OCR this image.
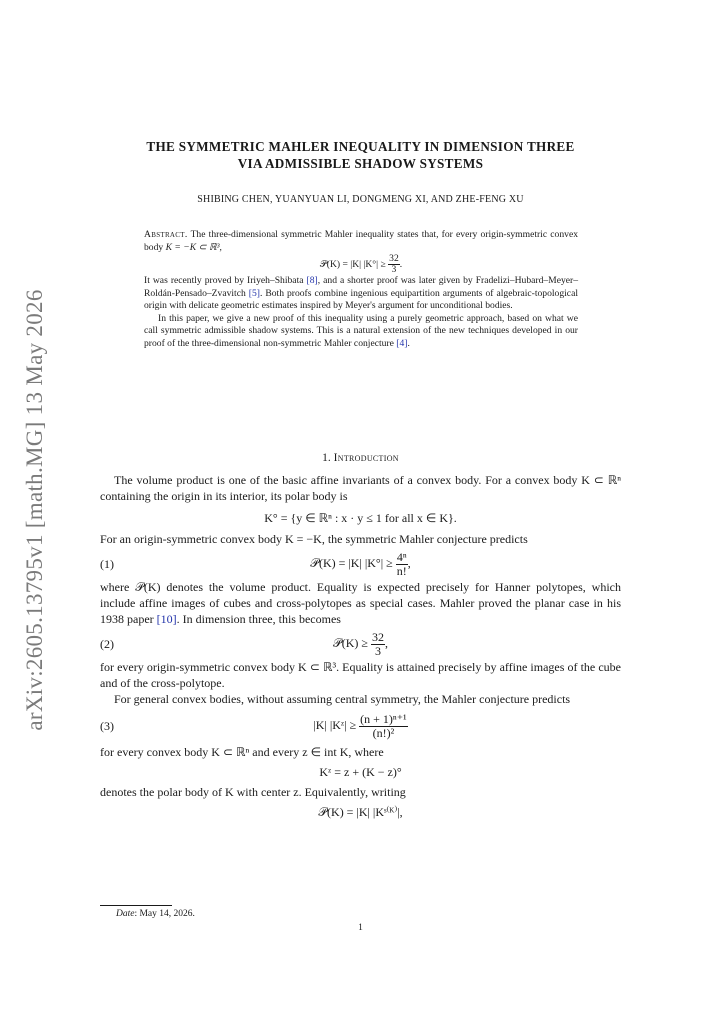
arXiv:2605.13795v1 [math.MG] 13 May 2026
THE SYMMETRIC MAHLER INEQUALITY IN DIMENSION THREE
VIA ADMISSIBLE SHADOW SYSTEMS
SHIBING CHEN, YUANYUAN LI, DONGMENG XI, AND ZHE-FENG XU

Abstract. The three-dimensional symmetric Mahler inequality states that, for every origin-symmetric convex body K = −K ⊂ ℝ³,

𝒫(K) = |K| $|K^\circ| \ge \frac{32}{3}$ .

It was recently proved by Iriyeh–Shibata [8], and a shorter proof was later given by Fradelizi–Hubard–Meyer–Roldán-Pensado–Zvavitch [5]. Both proofs combine ingenious equipartition arguments of algebraic-topological origin with delicate geometric estimates inspired by Meyer's argument for unconditional bodies.

In this paper, we give a new proof of this inequality using a purely geometric approach, based on what we call symmetric admissible shadow systems. This is a natural extension of the new techniques developed in our proof of the three-dimensional non-symmetric Mahler conjecture [4].

1. Introduction

The volume product is one of the basic affine invariants of a convex body. For a convex body K ⊂ ℝⁿ containing the origin in its interior, its polar body is

K° = {y ∈ ℝⁿ : x · y ≤ 1 for all x ∈ K}.

For an origin-symmetric convex body K = −K, the symmetric Mahler conjecture predicts

(1)	𝒫(K) = |K| $|K^\circ| \ge \frac{\text{4ⁿ}}{n!}$ ,

where 𝒫(K) denotes the volume product. Equality is expected precisely for Hanner polytopes, which include affine images of cubes and cross-polytopes as special cases. Mahler proved the planar case in his 1938 paper [10]. In dimension three, this becomes

(2)	𝒫(K) ≥ $\frac{32}{3}$ ,

for every origin-symmetric convex body K ⊂ ℝ³. Equality is attained precisely by affine images of the cube and of the cross-polytope.

For general convex bodies, without assuming central symmetry, the Mahler conjecture predicts

(3)	|K| |Kᶻ| ≥ $\frac{\text{(n + 1)ⁿ⁺¹}}{\text{(n!)²}}$

for every convex body K ⊂ ℝⁿ and every z ∈ int K, where

Kᶻ = z + (K − z)°

denotes the polar body of K with center z. Equivalently, writing

𝒫(K) = |K| |Kˢ⁽ᴷ⁾|,

Date: May 14, 2026.
1
